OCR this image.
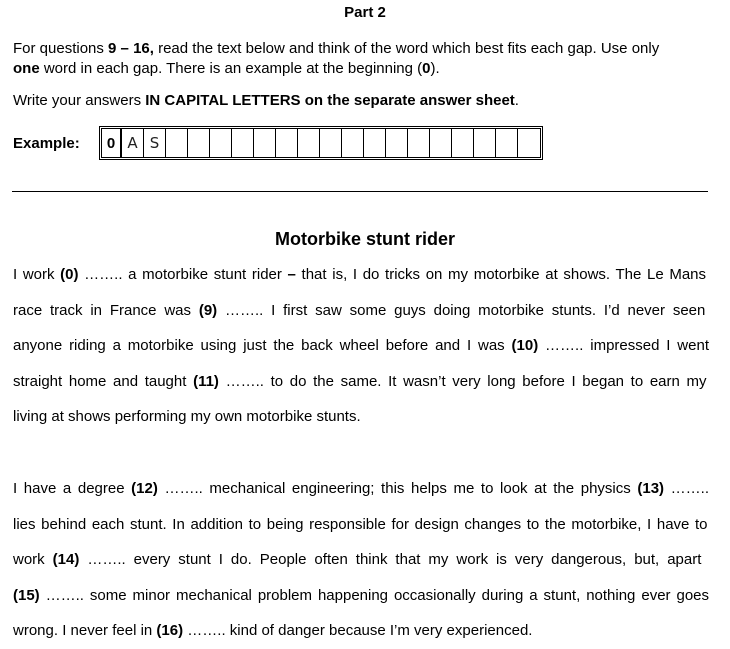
Part 2
For questions 9 – 16, read the text below and think of the word which best fits each gap. Use only
one word in each gap. There is an example at the beginning (0).
Write your answers IN CAPITAL LETTERS on the separate answer sheet.
Example:	0 A S
Motorbike stunt rider
I work (0) …….. a motorbike stunt rider – that is, I do tricks on my motorbike at shows. The Le Mans
race track in France was (9) …….. I first saw some guys doing motorbike stunts. I’d never seen
anyone riding a motorbike using just the back wheel before and I was (10) …….. impressed I went
straight home and taught (11) …….. to do the same. It wasn’t very long before I began to earn my
living at shows performing my own motorbike stunts.
I have a degree (12) …….. mechanical engineering; this helps me to look at the physics (13) ……..
lies behind each stunt. In addition to being responsible for design changes to the motorbike, I have to
work (14) …….. every stunt I do. People often think that my work is very dangerous, but, apart
(15) …….. some minor mechanical problem happening occasionally during a stunt, nothing ever goes
wrong. I never feel in (16) …….. kind of danger because I’m very experienced.
